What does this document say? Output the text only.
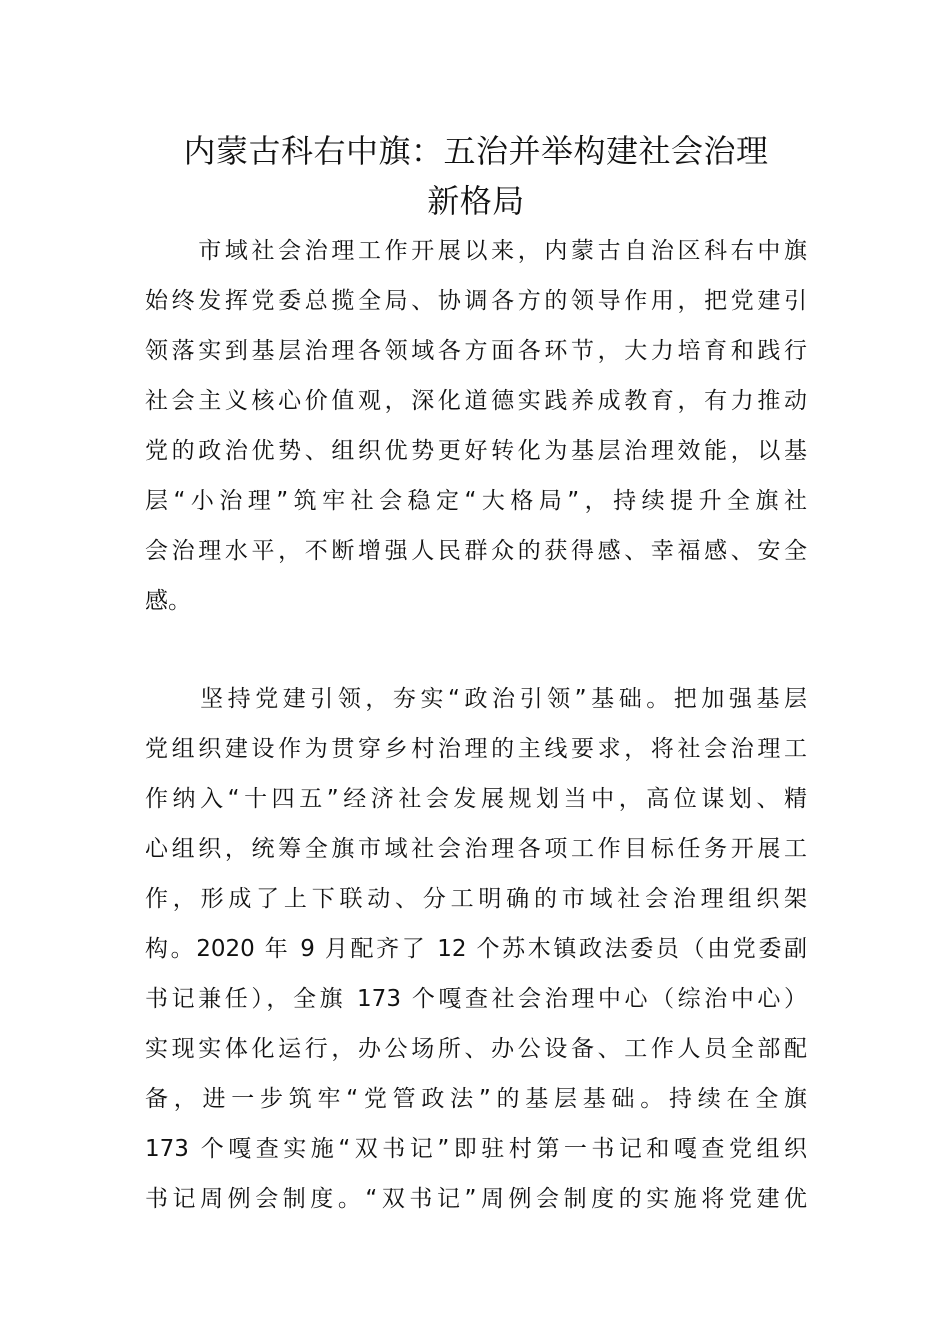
内蒙古科右中旗：五治并举构建社会治理
新格局
　　市域社会治理工作开展以来，内蒙古自治区科右中旗
始终发挥党委总揽全局、协调各方的领导作用，把党建引
领落实到基层治理各领域各方面各环节，大力培育和践行
社会主义核心价值观，深化道德实践养成教育，有力推动
党的政治优势、组织优势更好转化为基层治理效能，以基
层“小治理”筑牢社会稳定“大格局”，持续提升全旗社
会治理水平，不断增强人民群众的获得感、幸福感、安全
感。
　　坚持党建引领，夯实“政治引领”基础。把加强基层
党组织建设作为贯穿乡村治理的主线要求，将社会治理工
作纳入“十四五”经济社会发展规划当中，高位谋划、精
心组织，统筹全旗市域社会治理各项工作目标任务开展工
作，形成了上下联动、分工明确的市域社会治理组织架
构。2020 年 9 月配齐了 12 个苏木镇政法委员（由党委副
书记兼任），全旗 173 个嘎查社会治理中心（综治中心）
实现实体化运行，办公场所、办公设备、工作人员全部配
备，进一步筑牢“党管政法”的基层基础。持续在全旗
173 个嘎查实施“双书记”即驻村第一书记和嘎查党组织
书记周例会制度。“双书记”周例会制度的实施将党建优
